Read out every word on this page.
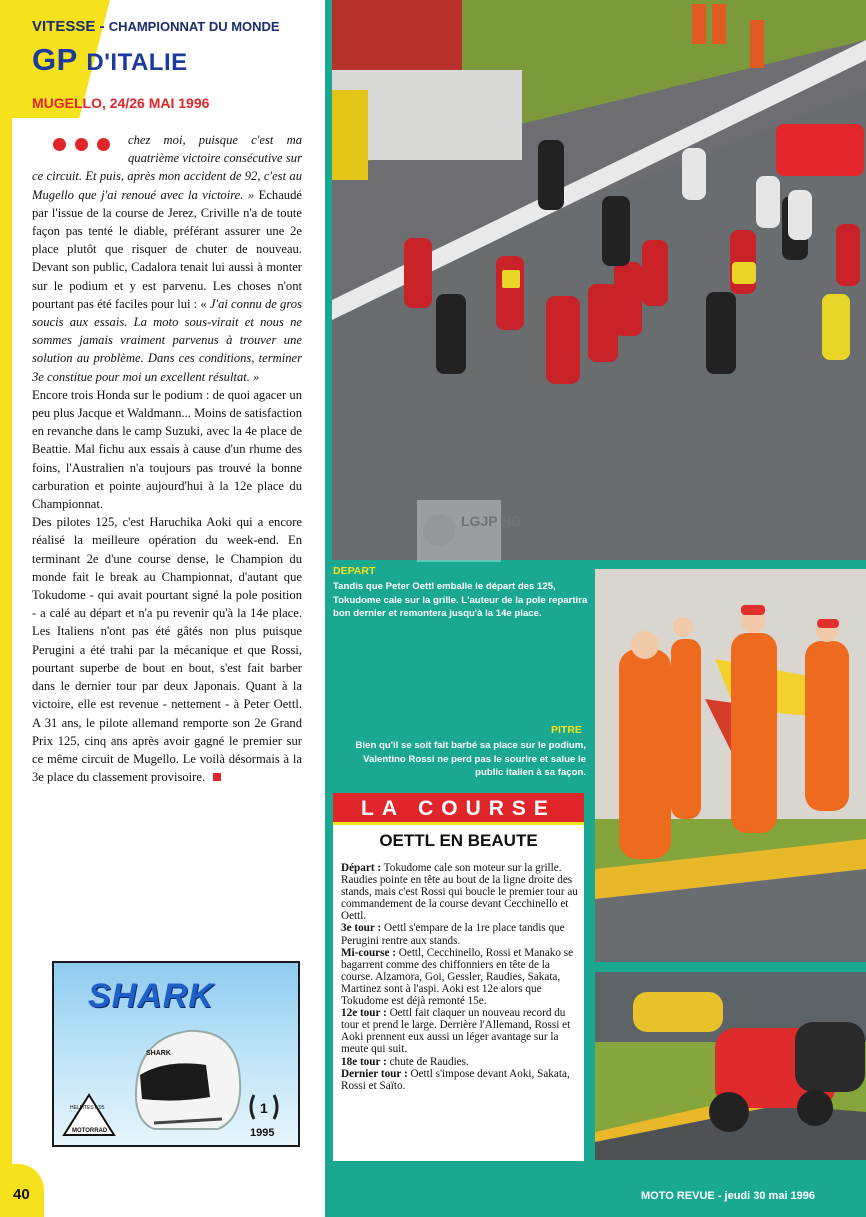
VITESSE - CHAMPIONNAT DU MONDE
GP D'ITALIE
MUGELLO, 24/26 MAI 1996

chez moi, puisque c'est ma quatrième victoire consécutive sur ce circuit. Et puis, après mon accident de 92, c'est au Mugello que j'ai renoué avec la victoire. » Echaudé par l'issue de la course de Jerez, Criville n'a de toute façon pas tenté le diable, préférant assurer une 2e place plutôt que risquer de chuter de nouveau. Devant son public, Cadalora tenait lui aussi à monter sur le podium et y est parvenu. Les choses n'ont pourtant pas été faciles pour lui : « J'ai connu de gros soucis aux essais. La moto sous-virait et nous ne sommes jamais vraiment parvenus à trouver une solution au problème. Dans ces conditions, terminer 3e constitue pour moi un excellent résultat. »

Encore trois Honda sur le podium : de quoi agacer un peu plus Jacque et Waldmann... Moins de satisfaction en revanche dans le camp Suzuki, avec la 4e place de Beattie. Mal fichu aux essais à cause d'un rhume des foins, l'Australien n'a toujours pas trouvé la bonne carburation et pointe aujourd'hui à la 12e place du Championnat.

Des pilotes 125, c'est Haruchika Aoki qui a encore réalisé la meilleure opération du week-end. En terminant 2e d'une course dense, le Champion du monde fait le break au Championnat, d'autant que Tokudome - qui avait pourtant signé la pole position - a calé au départ et n'a pu revenir qu'à la 14e place. Les Italiens n'ont pas été gâtés non plus puisque Perugini a été trahi par la mécanique et que Rossi, pourtant superbe de bout en bout, s'est fait barber dans le dernier tour par deux Japonais. Quant à la victoire, elle est revenue - nettement - à Peter Oettl. A 31 ans, le pilote allemand remporte son 2e Grand Prix 125, cinq ans après avoir gagné le premier sur ce même circuit de Mugello. Le voilà désormais à la 3e place du classement provisoire.

SHARK
SHARK
1
1995
HELMTEST '95
MOTORRAD
40
LGJP HD
DEPART
Tandis que Peter Oettl emballe le départ des 125, Tokudome cale sur la grille. L'auteur de la pole repartira bon dernier et remontera jusqu'à la 14e place.
PITRE
Bien qu'il se soit fait barbé sa place sur le podium, Valentino Rossi ne perd pas le sourire et salue le public italien à sa façon.
LA COURSE
OETTL EN BEAUTE

Départ : Tokudome cale son moteur sur la grille. Raudies pointe en tête au bout de la ligne droite des stands, mais c'est Rossi qui boucle le premier tour au commandement de la course devant Cecchinello et Oettl.

3e tour : Oettl s'empare de la 1re place tandis que Perugini rentre aux stands.

Mi-course : Oettl, Cecchinello, Rossi et Manako se bagarrent comme des chiffonniers en tête de la course. Alzamora, Goi, Gessler, Raudies, Sakata, Martinez sont à l'aspi. Aoki est 12e alors que Tokudome est déjà remonté 15e.

12e tour : Oettl fait claquer un nouveau record du tour et prend le large. Derrière l'Allemand, Rossi et Aoki prennent eux aussi un léger avantage sur la meute qui suit.

18e tour : chute de Raudies.

Dernier tour : Oettl s'impose devant Aoki, Sakata, Rossi et Saïto.

MOTO REVUE - jeudi 30 mai 1996
